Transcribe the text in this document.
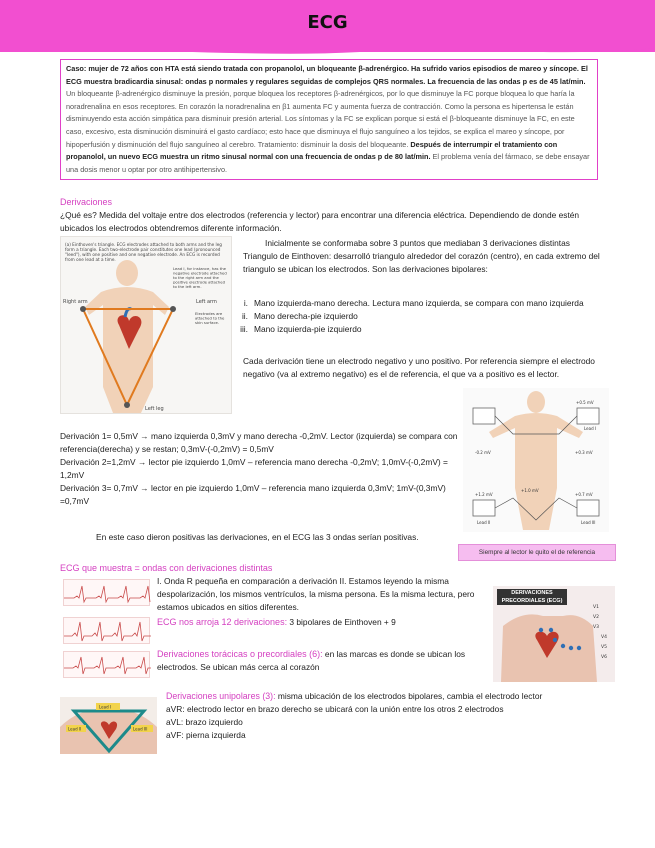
ECG
Caso: mujer de 72 años con HTA está siendo tratada con propanolol, un bloqueante β-adrenérgico. Ha sufrido varios episodios de mareo y síncope. El ECG muestra bradicardia sinusal: ondas p normales y regulares seguidas de complejos QRS normales. La frecuencia de las ondas p es de 45 lat/min. Un bloqueante β-adrenérgico disminuye la presión, porque bloquea los receptores β-adrenérgicos, por lo que disminuye la FC porque bloquea lo que haría la noradrenalina en esos receptores. En corazón la noradrenalina en β1 aumenta FC y aumenta fuerza de contracción. Como la persona es hipertensa le están disminuyendo esta acción simpática para disminuir presión arterial. Los síntomas y la FC se explican porque si está el β-bloqueante disminuye la FC, en este caso, excesivo, esta disminución disminuirá el gasto cardíaco; esto hace que disminuya el flujo sanguíneo a los tejidos, se explica el mareo y síncope, por hipoperfusión y disminución del flujo sanguíneo al cerebro. Tratamiento: disminuir la dosis del bloqueante. Después de interrumpir el tratamiento con propanolol, un nuevo ECG muestra un ritmo sinusal normal con una frecuencia de ondas p de 80 lat/min. El problema venía del fármaco, se debe ensayar una dosis menor u optar por otro antihipertensivo.
Derivaciones
¿Qué es? Medida del voltaje entre dos electrodos (referencia y lector) para encontrar una diferencia eléctrica. Dependiendo de donde estén ubicados los electrodos obtendremos diferente información.
(a) Einthoven's triangle. ECG electrodes attached to both arms and the leg form a triangle. Each two-electrode pair constitutes one lead (pronounced "leed"), with one positive and one negative electrode. An ECG is recorded from one lead at a time.
Right arm	Left arm
Left leg
Lead I, for instance, has the negative electrode attached to the right arm and the positive electrode attached to the left arm.
Electrodes are attached to the skin surface.
Inicialmente se conformaba sobre 3 puntos que mediaban 3 derivaciones distintas Triangulo de Einthoven: desarrolló triangulo alrededor del corazón (centro), en cada extremo del triangulo se ubican los electrodos. Son las derivaciones bipolares:
i. Mano izquierda-mano derecha. Lectura mano izquierda, se compara con mano izquierda
ii. Mano derecha-pie izquierdo
iii. Mano izquierda-pie izquierdo
Cada derivación tiene un electrodo negativo y uno positivo. Por referencia siempre el electrodo negativo (va al extremo negativo) es el de referencia, el que va a positivo es el lector.
+0.5 mV
+0.3 mV
-0.2 mV
+1.0 mV
+0.7 mV
+1.2 mV
Lead I
Lead II	Lead III
Derivación 1= 0,5mV → mano izquierda 0,3mV y mano derecha -0,2mV. Lector (izquierda) se compara con referencia(derecha) y se restan; 0,3mV-(-0,2mV) = 0,5mV
Derivación 2=1,2mV → lector pie izquierdo 1,0mV – referencia mano derecha -0,2mV; 1,0mV-(-0,2mV) = 1,2mV
Derivación 3= 0,7mV → lector en pie izquierdo 1,0mV – referencia mano izquierda 0,3mV; 1mV-(0,3mV) =0,7mV
En este caso dieron positivas las derivaciones, en el ECG las 3 ondas serían positivas.
Siempre al lector le quito el de referencia
ECG que muestra = ondas con derivaciones distintas
I. Onda R pequeña en comparación a derivación II. Estamos leyendo la misma despolarización, los mismos ventrículos, la misma persona. Es la misma lectura, pero estamos ubicados en sitios diferentes.
ECG nos arroja 12 derivaciones: 3 bipolares de Einthoven + 9
Derivaciones torácicas o precordiales (6): en las marcas es donde se ubican los electrodos. Se ubican más cerca al corazón
DERIVACIONES PRECORDIALES (ECG)
V1
V2
V3
V4
V5
V6
Lead I
Lead II	Lead III
Derivaciones unipolares (3): misma ubicación de los electrodos bipolares, cambia el electrodo lector
aVR: electrodo lector en brazo derecho se ubicará con la unión entre los otros 2 electrodos
aVL: brazo izquierdo
aVF: pierna izquierda
